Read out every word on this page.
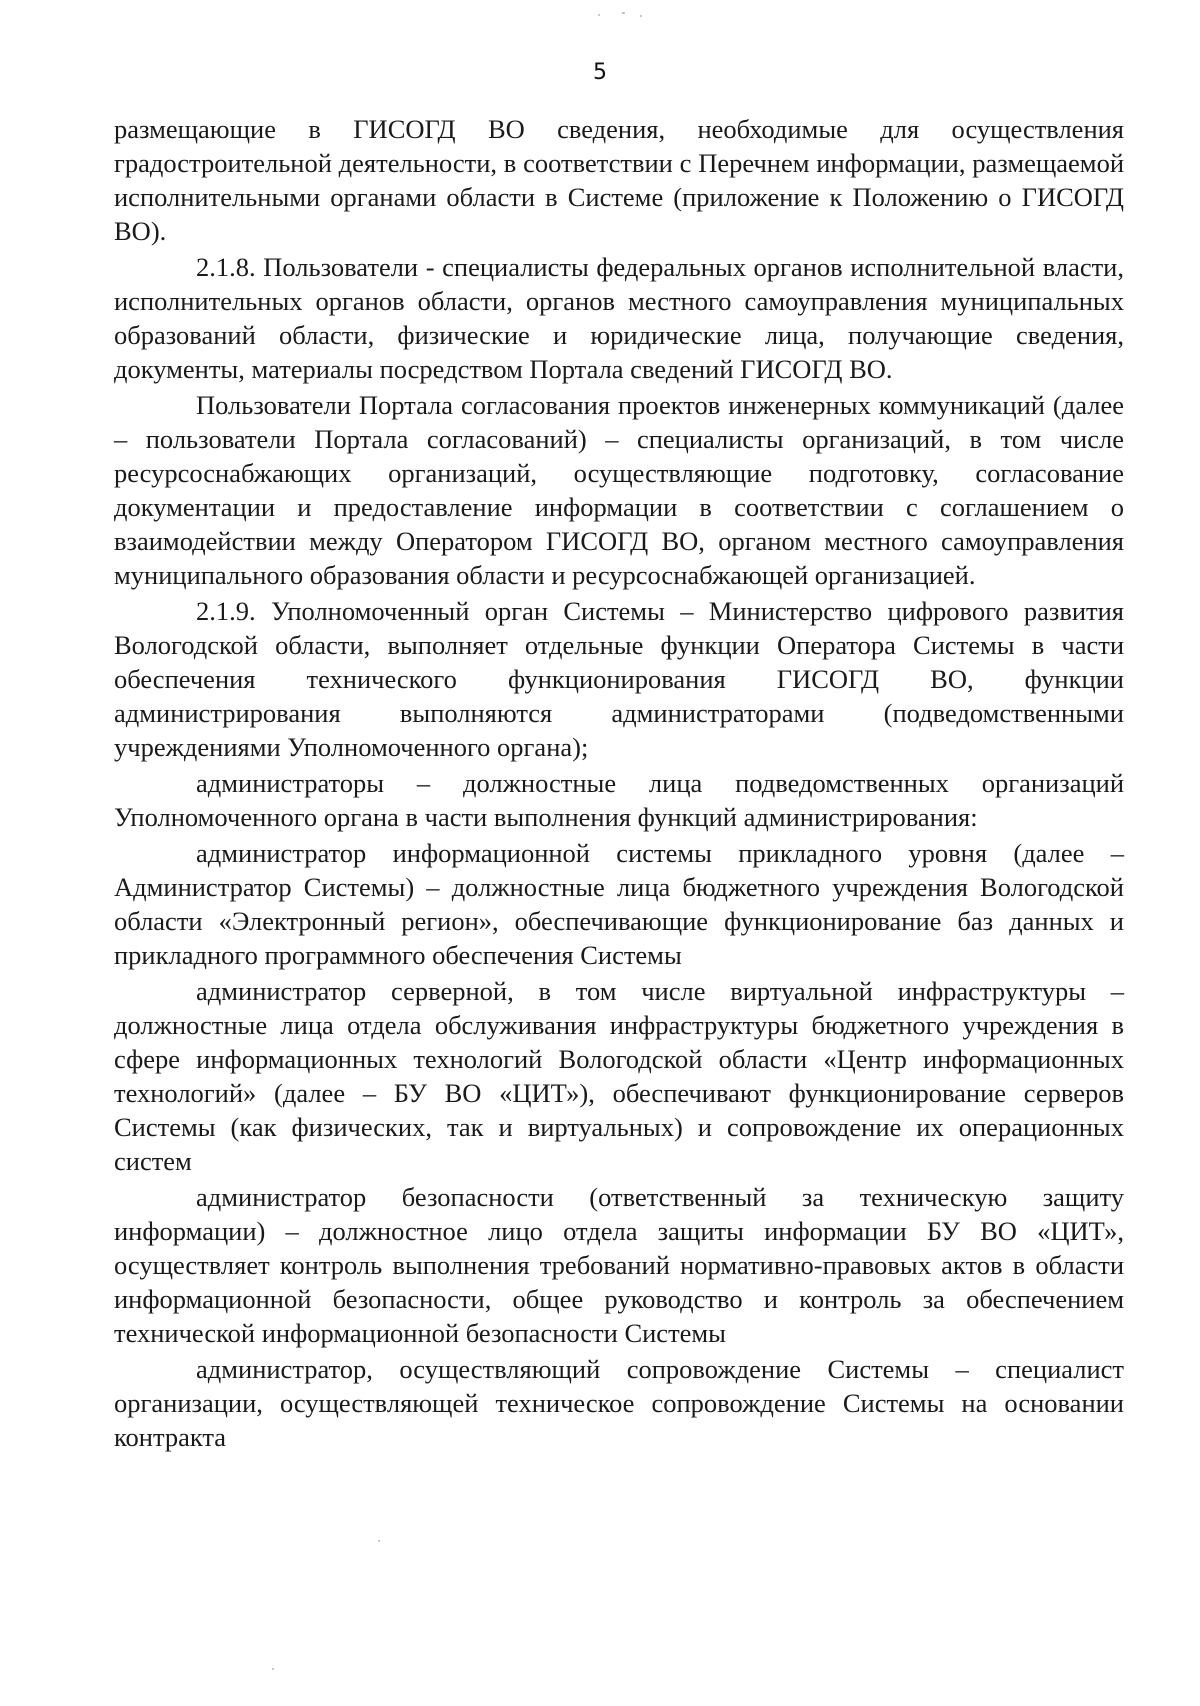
5

размещающие в ГИСОГД ВО сведения, необходимые для осуществления градостроительной деятельности, в соответствии с Перечнем информации, размещаемой исполнительными органами области в Системе (приложение к Положению о ГИСОГД ВО).

2.1.8. Пользователи - специалисты федеральных органов исполнительной власти, исполнительных органов области, органов местного самоуправления муниципальных образований области, физические и юридические лица, получающие сведения, документы, материалы посредством Портала сведений ГИСОГД ВО.

Пользователи Портала согласования проектов инженерных коммуникаций (далее – пользователи Портала согласований) – специалисты организаций, в том числе ресурсоснабжающих организаций, осуществляющие подготовку, согласование документации и предоставление информации в соответствии с соглашением о взаимодействии между Оператором ГИСОГД ВО, органом местного самоуправления муниципального образования области и ресурсоснабжающей организацией.

2.1.9. Уполномоченный орган Системы – Министерство цифрового развития Вологодской области, выполняет отдельные функции Оператора Системы в части обеспечения технического функционирования ГИСОГД ВО, функции администрирования выполняются администраторами (подведомственными учреждениями Уполномоченного органа);

администраторы – должностные лица подведомственных организаций Уполномоченного органа в части выполнения функций администрирования:

администратор информационной системы прикладного уровня (далее – Администратор Системы) – должностные лица бюджетного учреждения Вологодской области «Электронный регион», обеспечивающие функционирование баз данных и прикладного программного обеспечения Системы

администратор серверной, в том числе виртуальной инфраструктуры – должностные лица отдела обслуживания инфраструктуры бюджетного учреждения в сфере информационных технологий Вологодской области «Центр информационных технологий» (далее – БУ ВО «ЦИТ»), обеспечивают функционирование серверов Системы (как физических, так и виртуальных) и сопровождение их операционных систем

администратор безопасности (ответственный за техническую защиту информации) – должностное лицо отдела защиты информации БУ ВО «ЦИТ», осуществляет контроль выполнения требований нормативно-правовых актов в области информационной безопасности, общее руководство и контроль за обеспечением технической информационной безопасности Системы

администратор, осуществляющий сопровождение Системы – специалист организации, осуществляющей техническое сопровождение Системы на основании контракта
